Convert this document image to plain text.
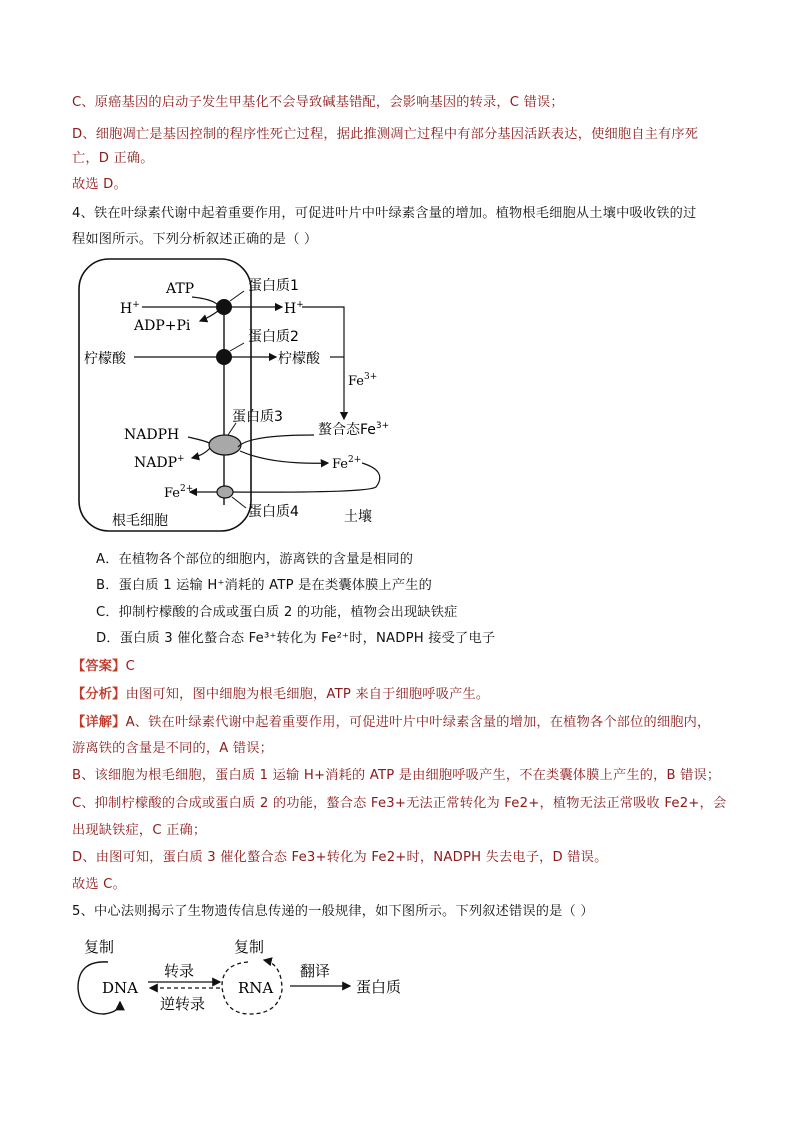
C、原癌基因的启动子发生甲基化不会导致碱基错配，会影响基因的转录，C 错误；
D、细胞凋亡是基因控制的程序性死亡过程，据此推测凋亡过程中有部分基因活跃表达，使细胞自主有序死
亡，D 正确。
故选 D。
4、铁在叶绿素代谢中起着重要作用，可促进叶片中叶绿素含量的增加。植物根毛细胞从土壤中吸收铁的过
程如图所示。下列分析叙述正确的是（ ）
蛋白质1
ATP
H+	H+
ADP+Pi
蛋白质2
柠檬酸	柠檬酸
$Fe^{3+}$
螯合态$Fe^{3+}$
蛋白质3
NADPH
NADP+	$Fe^{2+}$
$Fe^{2+}$
蛋白质4
根毛细胞	土壤
A．在植物各个部位的细胞内，游离铁的含量是相同的
B．蛋白质 1 运输 H⁺消耗的 ATP 是在类囊体膜上产生的
C．抑制柠檬酸的合成或蛋白质 2 的功能，植物会出现缺铁症
D．蛋白质 3 催化螯合态 Fe³⁺转化为 Fe²⁺时，NADPH 接受了电子
【答案】C
【分析】由图可知，图中细胞为根毛细胞，ATP 来自于细胞呼吸产生。
【详解】A、铁在叶绿素代谢中起着重要作用，可促进叶片中叶绿素含量的增加，在植物各个部位的细胞内，
游离铁的含量是不同的，A 错误；
B、该细胞为根毛细胞，蛋白质 1 运输 H+消耗的 ATP 是由细胞呼吸产生，不在类囊体膜上产生的，B 错误；
C、抑制柠檬酸的合成或蛋白质 2 的功能，螯合态 Fe3+无法正常转化为 Fe2+，植物无法正常吸收 Fe2+，会
出现缺铁症，C 正确；
D、由图可知，蛋白质 3 催化螯合态 Fe3+转化为 Fe2+时，NADPH 失去电子，D 错误。
故选 C。
5、中心法则揭示了生物遗传信息传递的一般规律，如下图所示。下列叙述错误的是（ ）
复制
DNA
转录
逆转录
复制
RNA
翻译
蛋白质
